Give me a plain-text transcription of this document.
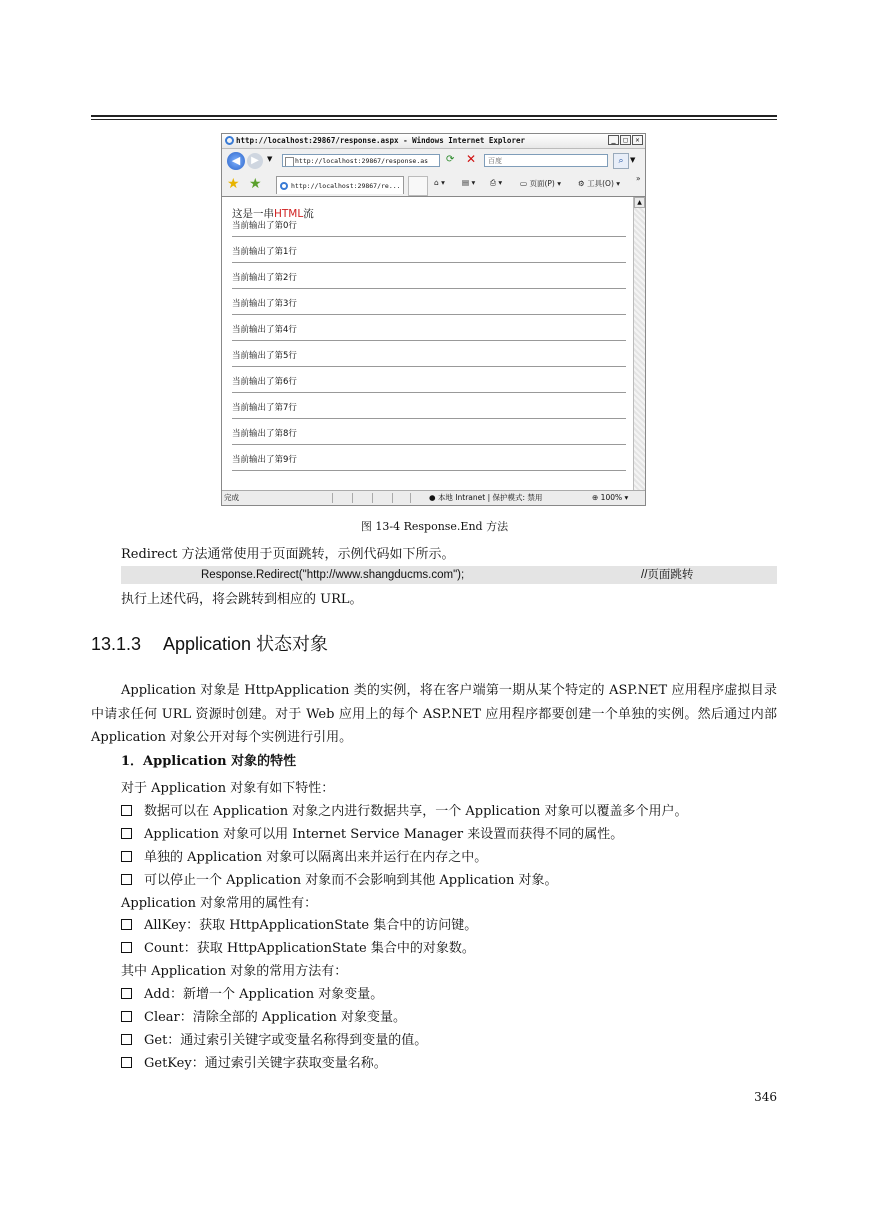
http://localhost:29867/response.aspx - Windows Internet Explorer	_	□	✕
◀	▶	▼	http://localhost:29867/response.as	⟳ ✕	百度	⌕ ▼
★ ★	http://localhost:29867/re...	⌂ ▾ ▤ ▾ ⎙ ▾ ▭ 页面(P) ▾ ⚙ 工具(O) ▾
»
这是一串HTML流
当前输出了第0行
当前输出了第1行
当前输出了第2行
当前输出了第3行
当前输出了第4行
当前输出了第5行
当前输出了第6行
当前输出了第7行
当前输出了第8行
当前输出了第9行
▲
完成	● 本地 Intranet | 保护模式: 禁用	⊕ 100% ▾
图 13-4 Response.End 方法
Redirect 方法通常使用于页面跳转，示例代码如下所示。
Response.Redirect("http://www.shangducms.com");	//页面跳转
执行上述代码，将会跳转到相应的 URL。
13.1.3 Application 状态对象
Application 对象是 HttpApplication 类的实例，将在客户端第一期从某个特定的 ASP.NET 应用程序虚拟目录中请求任何 URL 资源时创建。对于 Web 应用上的每个 ASP.NET 应用程序都要创建一个单独的实例。然后通过内部 Application 对象公开对每个实例进行引用。
1．Application 对象的特性
对于 Application 对象有如下特性：
数据可以在 Application 对象之内进行数据共享，一个 Application 对象可以覆盖多个用户。
Application 对象可以用 Internet Service Manager 来设置而获得不同的属性。
单独的 Application 对象可以隔离出来并运行在内存之中。
可以停止一个 Application 对象而不会影响到其他 Application 对象。
Application 对象常用的属性有：
AllKey：获取 HttpApplicationState 集合中的访问键。
Count：获取 HttpApplicationState 集合中的对象数。
其中 Application 对象的常用方法有：
Add：新增一个 Application 对象变量。
Clear：清除全部的 Application 对象变量。
Get：通过索引关键字或变量名称得到变量的值。
GetKey：通过索引关键字获取变量名称。
346
